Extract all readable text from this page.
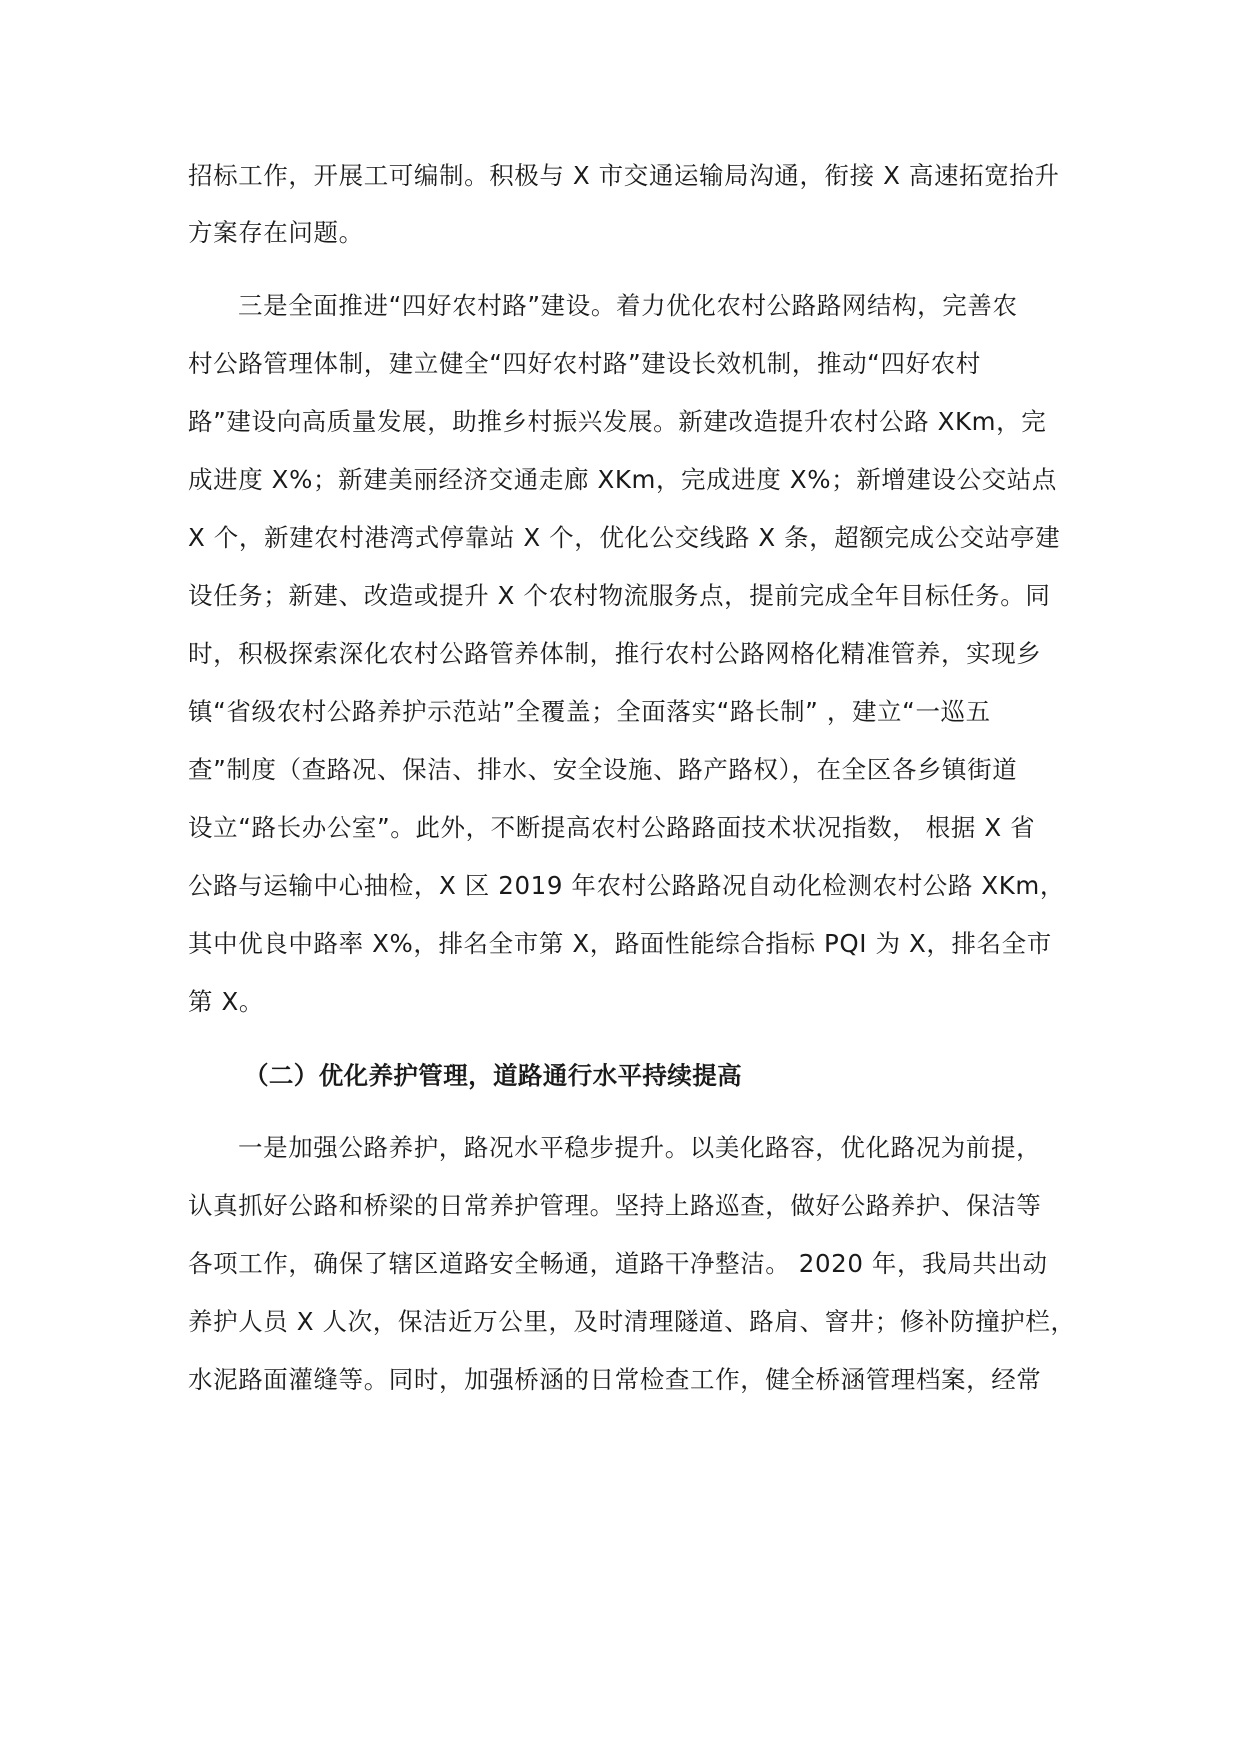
招标工作，开展工可编制。积极与 X 市交通运输局沟通，衔接 X 高速拓宽抬升
方案存在问题。
三是全面推进“四好农村路”建设。着力优化农村公路路网结构，完善农
村公路管理体制，建立健全“四好农村路”建设长效机制，推动“四好农村
路”建设向高质量发展，助推乡村振兴发展。新建改造提升农村公路 XKm，完
成进度 X%；新建美丽经济交通走廊 XKm，完成进度 X%；新增建设公交站点
X 个，新建农村港湾式停靠站 X 个，优化公交线路 X 条，超额完成公交站亭建
设任务；新建、改造或提升 X 个农村物流服务点，提前完成全年目标任务。同
时，积极探索深化农村公路管养体制，推行农村公路网格化精准管养，实现乡
镇“省级农村公路养护示范站”全覆盖；全面落实“路长制” ，建立“一巡五
查”制度（查路况、保洁、排水、安全设施、路产路权），在全区各乡镇街道
设立“路长办公室”。此外，不断提高农村公路路面技术状况指数， 根据 X 省
公路与运输中心抽检，X 区 2019 年农村公路路况自动化检测农村公路 XKm，
其中优良中路率 X%，排名全市第 X，路面性能综合指标 PQI 为 X，排名全市
第 X。
（二）优化养护管理，道路通行水平持续提高
一是加强公路养护，路况水平稳步提升。以美化路容，优化路况为前提，
认真抓好公路和桥梁的日常养护管理。坚持上路巡查，做好公路养护、保洁等
各项工作，确保了辖区道路安全畅通，道路干净整洁。 2020 年，我局共出动
养护人员 X 人次，保洁近万公里，及时清理隧道、路肩、窨井；修补防撞护栏，
水泥路面灌缝等。同时，加强桥涵的日常检查工作，健全桥涵管理档案，经常
